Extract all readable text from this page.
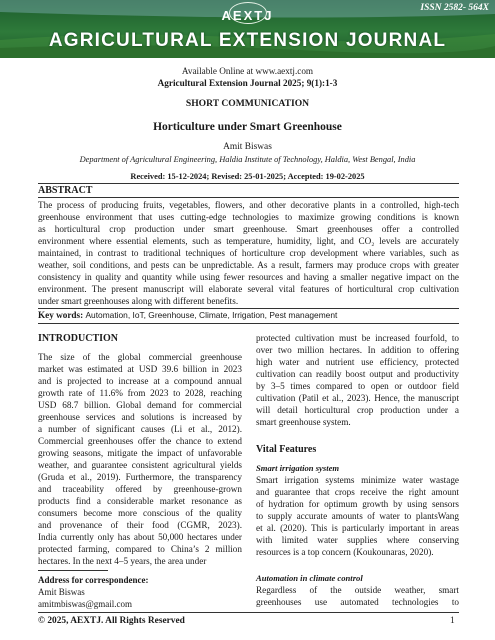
ISSN 2582- 564X
AEXTJ
AGRICULTURAL EXTENSION JOURNAL
Available Online at www.aextj.com
Agricultural Extension Journal 2025; 9(1):1-3
SHORT COMMUNICATION
Horticulture under Smart Greenhouse
Amit Biswas
Department of Agricultural Engineering, Haldia Institute of Technology, Haldia, West Bengal, India
Received: 15-12-2024; Revised: 25-01-2025; Accepted: 19-02-2025
ABSTRACT
The process of producing fruits, vegetables, flowers, and other decorative plants in a controlled, high-tech
greenhouse environment that uses cutting-edge technologies to maximize growing conditions is known
as horticultural crop production under smart greenhouse. Smart greenhouses offer a controlled
environment where essential elements, such as temperature, humidity, light, and CO₂ levels are accurately
maintained, in contrast to traditional techniques of horticulture crop development where variables, such as
weather, soil conditions, and pests can be unpredictable. As a result, farmers may produce crops with greater
consistency in quality and quantity while using fewer resources and having a smaller negative impact on the
environment. The present manuscript will elaborate several vital features of horticultural crop cultivation
under smart greenhouses along with different benefits.
Key words: Automation, IoT, Greenhouse, Climate, Irrigation, Pest management
INTRODUCTION
The size of the global commercial greenhouse
market was estimated at USD 39.6 billion in 2023
and is projected to increase at a compound annual
growth rate of 11.6% from 2023 to 2028, reaching
USD 68.7 billion. Global demand for commercial
greenhouse services and solutions is increased by
a number of significant causes (Li et al., 2012).
Commercial greenhouses offer the chance to extend
growing seasons, mitigate the impact of unfavorable
weather, and guarantee consistent agricultural yields
(Gruda et al., 2019). Furthermore, the transparency
and traceability offered by greenhouse-grown
products find a considerable market resonance as
consumers become more conscious of the quality
and provenance of their food (CGMR, 2023).
India currently only has about 50,000 hectares under
protected farming, compared to China’s 2 million
hectares. In the next 4–5 years, the area under
Address for correspondence:
Amit Biswas
amitmbiswas@gmail.com
protected cultivation must be increased fourfold, to
over two million hectares. In addition to offering
high water and nutrient use efficiency, protected
cultivation can readily boost output and productivity
by 3–5 times compared to open or outdoor field
cultivation (Patil et al., 2023). Hence, the manuscript
will detail horticultural crop production under a
smart greenhouse system.
Vital Features
Smart irrigation system
Smart irrigation systems minimize water wastage
and guarantee that crops receive the right amount
of hydration for optimum growth by using sensors
to supply accurate amounts of water to plantsWang
et al. (2020). This is particularly important in areas
with limited water supplies where conserving
resources is a top concern (Koukounaras, 2020).
Automation in climate control
Regardless of the outside weather, smart
greenhouses use automated technologies to
© 2025, AEXTJ. All Rights Reserved	1
